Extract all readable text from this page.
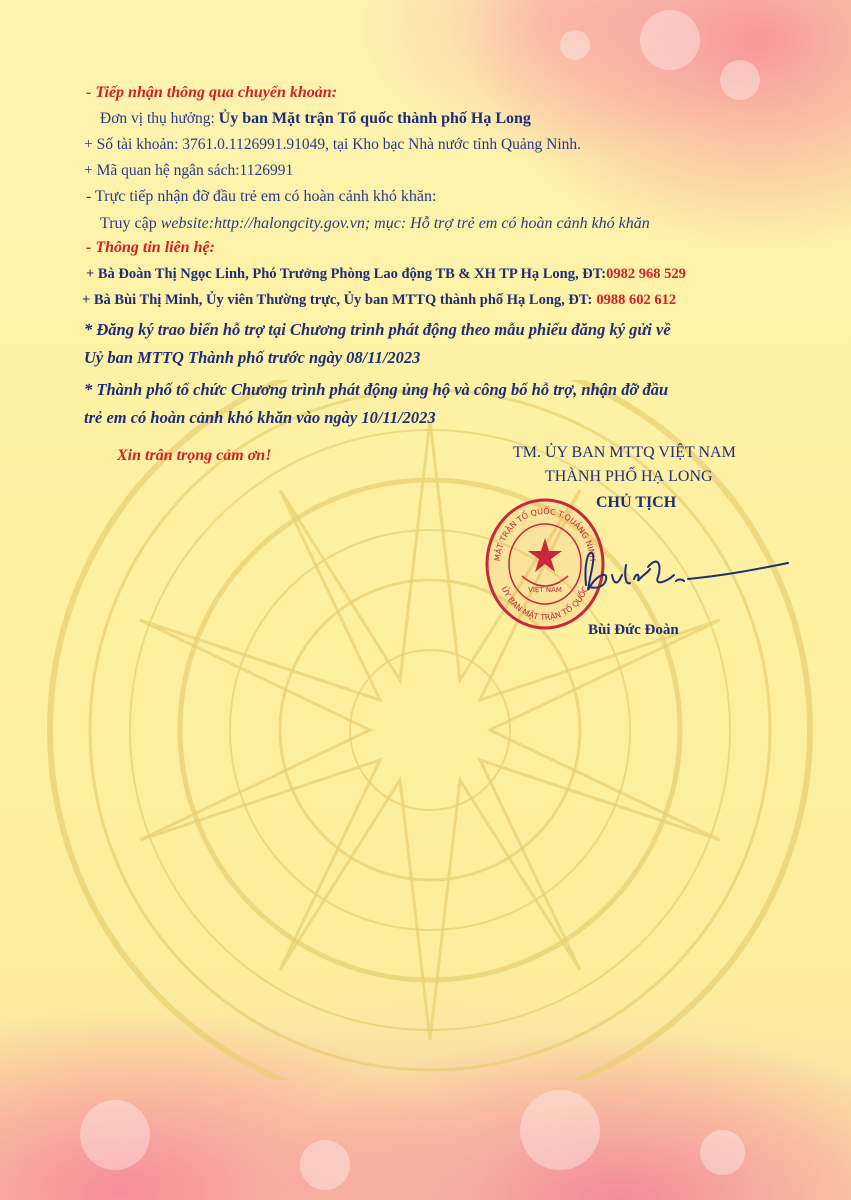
- Tiếp nhận thông qua chuyển khoản:
Đơn vị thụ hưởng: Ủy ban Mặt trận Tổ quốc thành phố Hạ Long
+ Số tài khoản: 3761.0.1126991.91049, tại Kho bạc Nhà nước tỉnh Quảng Ninh.
+ Mã quan hệ ngân sách:1126991
- Trực tiếp nhận đỡ đầu trẻ em có hoàn cảnh khó khăn:
Truy cập website:http://halongcity.gov.vn; mục: Hỗ trợ trẻ em có hoàn cảnh khó khăn
- Thông tin liên hệ:
+ Bà Đoàn Thị Ngọc Linh, Phó Trưởng Phòng Lao động TB & XH TP Hạ Long, ĐT:0982 968 529
+ Bà Bùi Thị Minh, Ủy viên Thường trực, Ủy ban MTTQ thành phố Hạ Long, ĐT: 0988 602 612
* Đăng ký trao biển hỗ trợ tại Chương trình phát động theo mẫu phiếu đăng ký gửi về
Uỷ ban MTTQ Thành phố trước ngày 08/11/2023
* Thành phố tổ chức Chương trình phát động ủng hộ và công bố hỗ trợ, nhận đỡ đầu
trẻ em có hoàn cảnh khó khăn vào ngày 10/11/2023
Xin trân trọng cảm ơn!	TM. ỦY BAN MTTQ VIỆT NAM
THÀNH PHỐ HẠ LONG
CHỦ TỊCH
MẶT TRẬN TỔ QUỐC T.QUẢNG NINH
ỦY BAN MẶT TRẬN TỔ QUỐC
VIỆT NAM
Bùi Đức Đoàn
